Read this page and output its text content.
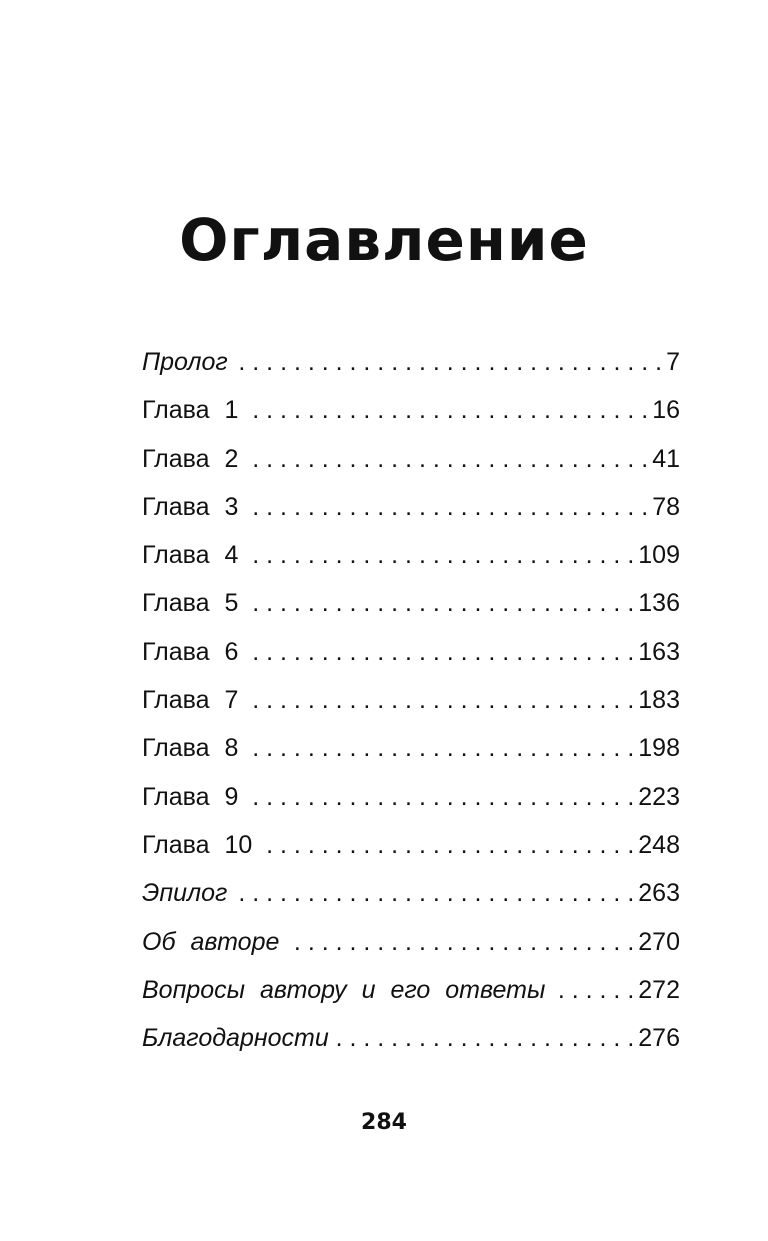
Оглавление
Пролог . . .	7
Глава 1 . . .	16
Глава 2 . . .	41
Глава 3 . . .	78
Глава 4 . . .	109
Глава 5 . . .	136
Глава 6 . . .	163
Глава 7 . . .	183
Глава 8 . . .	198
Глава 9 . . .	223
Глава 10 . . .	248
Эпилог . . .	263
Об авторе . . .	270
Вопросы автору и его ответы . . .	272
Благодарности . . .	276
284
